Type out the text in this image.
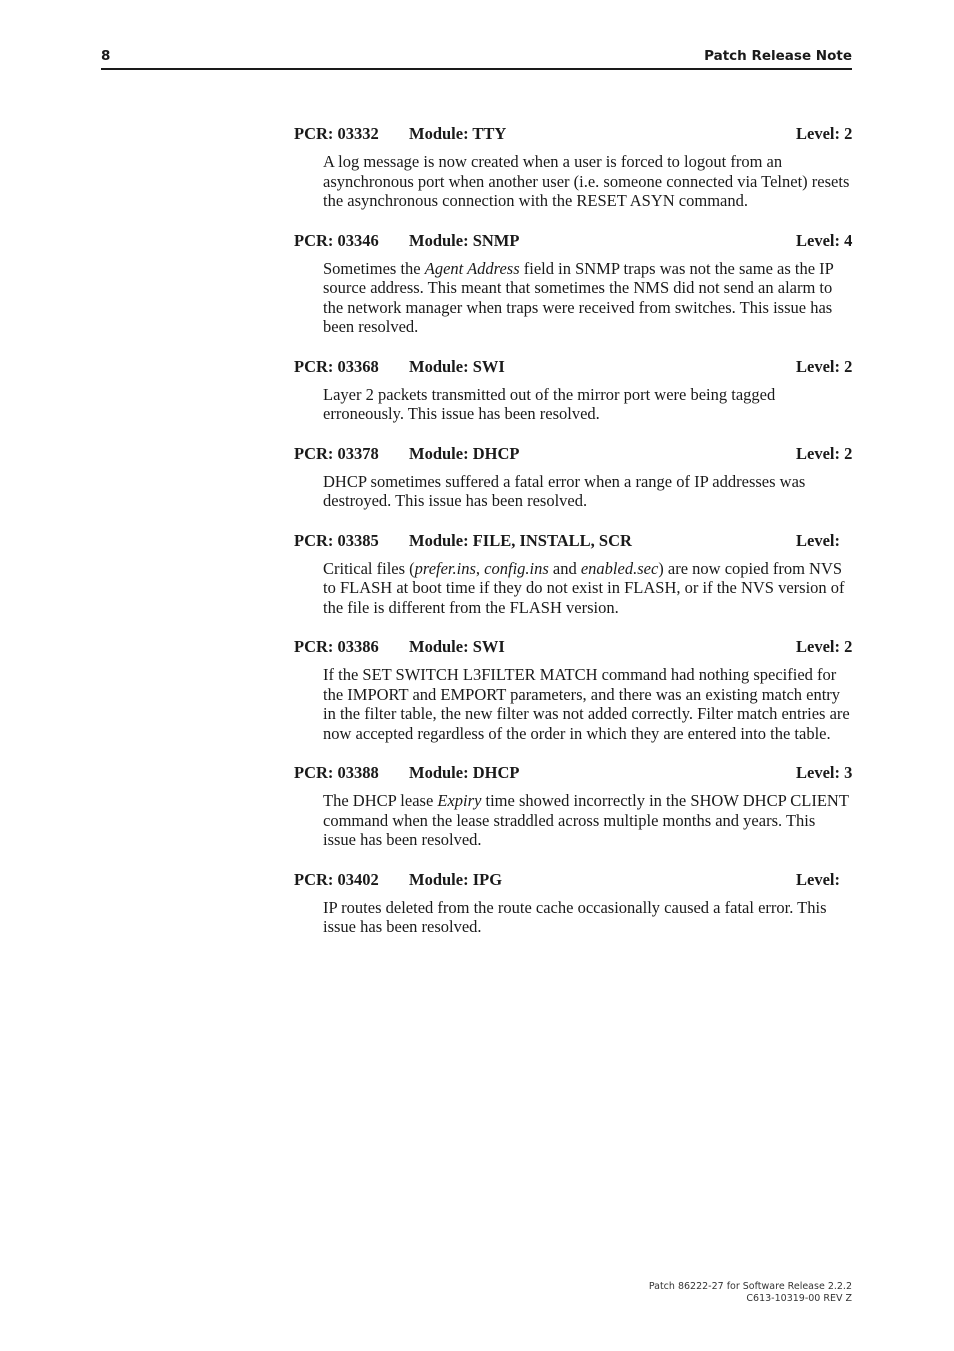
8	Patch Release Note
PCR: 03332 Module: TTY	Level: 2
A log message is now created when a user is forced to logout from an asynchronous port when another user (i.e. someone connected via Telnet) resets the asynchronous connection with the RESET ASYN command.
PCR: 03346 Module: SNMP	Level: 4
Sometimes the Agent Address field in SNMP traps was not the same as the IP source address. This meant that sometimes the NMS did not send an alarm to the network manager when traps were received from switches. This issue has been resolved.
PCR: 03368 Module: SWI	Level: 2
Layer 2 packets transmitted out of the mirror port were being tagged erroneously. This issue has been resolved.
PCR: 03378 Module: DHCP	Level: 2
DHCP sometimes suffered a fatal error when a range of IP addresses was destroyed. This issue has been resolved.
PCR: 03385 Module: FILE, INSTALL, SCR	Level:
Critical files (prefer.ins, config.ins and enabled.sec) are now copied from NVS to FLASH at boot time if they do not exist in FLASH, or if the NVS version of the file is different from the FLASH version.
PCR: 03386 Module: SWI	Level: 2
If the SET SWITCH L3FILTER MATCH command had nothing specified for the IMPORT and EMPORT parameters, and there was an existing match entry in the filter table, the new filter was not added correctly. Filter match entries are now accepted regardless of the order in which they are entered into the table.
PCR: 03388 Module: DHCP	Level: 3
The DHCP lease Expiry time showed incorrectly in the SHOW DHCP CLIENT command when the lease straddled across multiple months and years. This issue has been resolved.
PCR: 03402 Module: IPG	Level:
IP routes deleted from the route cache occasionally caused a fatal error. This issue has been resolved.
Patch 86222-27 for Software Release 2.2.2
C613-10319-00 REV Z
